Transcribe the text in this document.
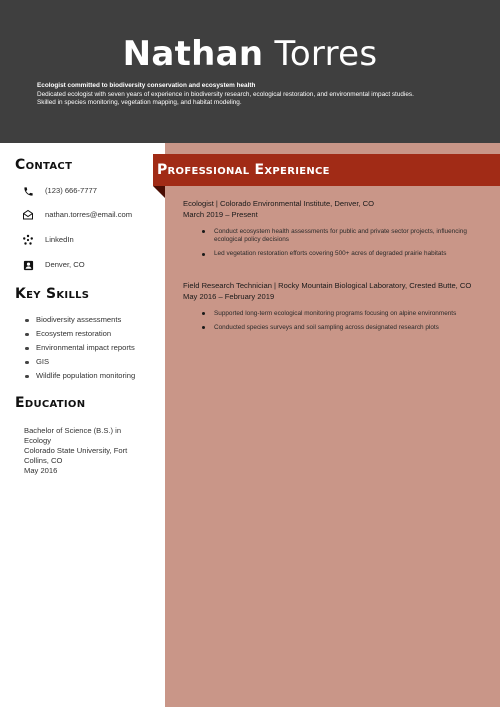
Nathan Torres
Ecologist committed to biodiversity conservation and ecosystem health
Dedicated ecologist with seven years of experience in biodiversity research, ecological restoration, and environmental impact studies.
Skilled in species monitoring, vegetation mapping, and habitat modeling.
Contact
(123) 666-7777
nathan.torres@email.com
LinkedIn
Denver, CO
Key Skills
Biodiversity assessments
Ecosystem restoration
Environmental impact reports
GIS
Wildlife population monitoring
Education
Bachelor of Science (B.S.) in Ecology
Colorado State University, Fort Collins, CO
May 2016
Professional Experience
Ecologist | Colorado Environmental Institute, Denver, CO
March 2019 – Present
Conduct ecosystem health assessments for public and private sector projects, influencing ecological policy decisions
Led vegetation restoration efforts covering 500+ acres of degraded prairie habitats
Field Research Technician | Rocky Mountain Biological Laboratory, Crested Butte, CO
May 2016 – February 2019
Supported long-term ecological monitoring programs focusing on alpine environments
Conducted species surveys and soil sampling across designated research plots
